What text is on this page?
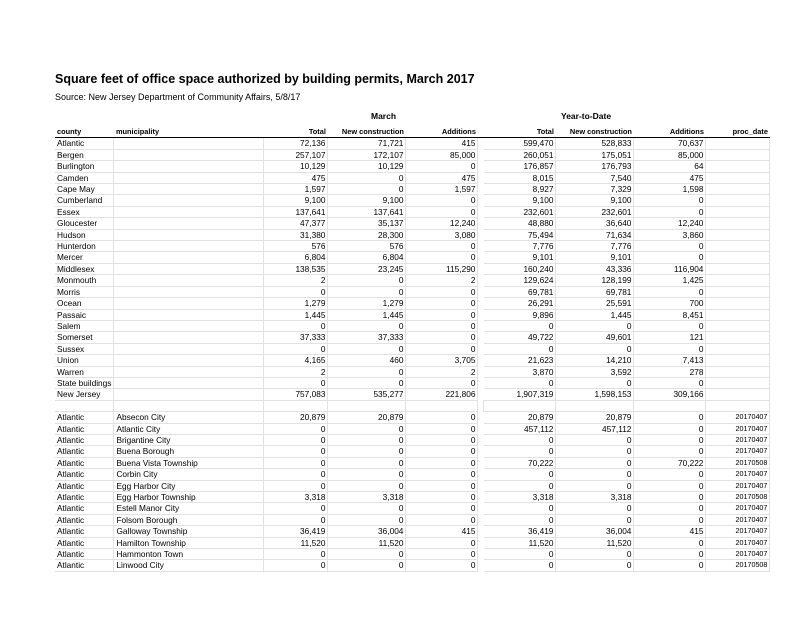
Square feet of office space authorized by building permits, March 2017
Source: New Jersey Department of Community Affairs, 5/8/17
March	Year-to-Date
county	municipality	Total	New construction	Additions		Total	New construction	Additions	proc_date
Atlantic		72,136	71,721	415		599,470	528,833	70,637	
Bergen		257,107	172,107	85,000		260,051	175,051	85,000	
Burlington		10,129	10,129	0		176,857	176,793	64	
Camden		475	0	475		8,015	7,540	475	
Cape May		1,597	0	1,597		8,927	7,329	1,598	
Cumberland		9,100	9,100	0		9,100	9,100	0	
Essex		137,641	137,641	0		232,601	232,601	0	
Gloucester		47,377	35,137	12,240		48,880	36,640	12,240	
Hudson		31,380	28,300	3,080		75,494	71,634	3,860	
Hunterdon		576	576	0		7,776	7,776	0	
Mercer		6,804	6,804	0		9,101	9,101	0	
Middlesex		138,535	23,245	115,290		160,240	43,336	116,904	
Monmouth		2	0	2		129,624	128,199	1,425	
Morris		0	0	0		69,781	69,781	0	
Ocean		1,279	1,279	0		26,291	25,591	700	
Passaic		1,445	1,445	0		9,896	1,445	8,451	
Salem		0	0	0		0	0	0	
Somerset		37,333	37,333	0		49,722	49,601	121	
Sussex		0	0	0		0	0	0	
Union		4,165	460	3,705		21,623	14,210	7,413	
Warren		2	0	2		3,870	3,592	278	
State buildings		0	0	0		0	0	0	
New Jersey		757,083	535,277	221,806		1,907,319	1,598,153	309,166	

Atlantic	Absecon City	20,879	20,879	0		20,879	20,879	0	20170407
Atlantic	Atlantic City	0	0	0		457,112	457,112	0	20170407
Atlantic	Brigantine City	0	0	0		0	0	0	20170407
Atlantic	Buena Borough	0	0	0		0	0	0	20170407
Atlantic	Buena Vista Township	0	0	0		70,222	0	70,222	20170508
Atlantic	Corbin City	0	0	0		0	0	0	20170407
Atlantic	Egg Harbor City	0	0	0		0	0	0	20170407
Atlantic	Egg Harbor Township	3,318	3,318	0		3,318	3,318	0	20170508
Atlantic	Estell Manor City	0	0	0		0	0	0	20170407
Atlantic	Folsom Borough	0	0	0		0	0	0	20170407
Atlantic	Galloway Township	36,419	36,004	415		36,419	36,004	415	20170407
Atlantic	Hamilton Township	11,520	11,520	0		11,520	11,520	0	20170407
Atlantic	Hammonton Town	0	0	0		0	0	0	20170407
Atlantic	Linwood City	0	0	0		0	0	0	20170508
